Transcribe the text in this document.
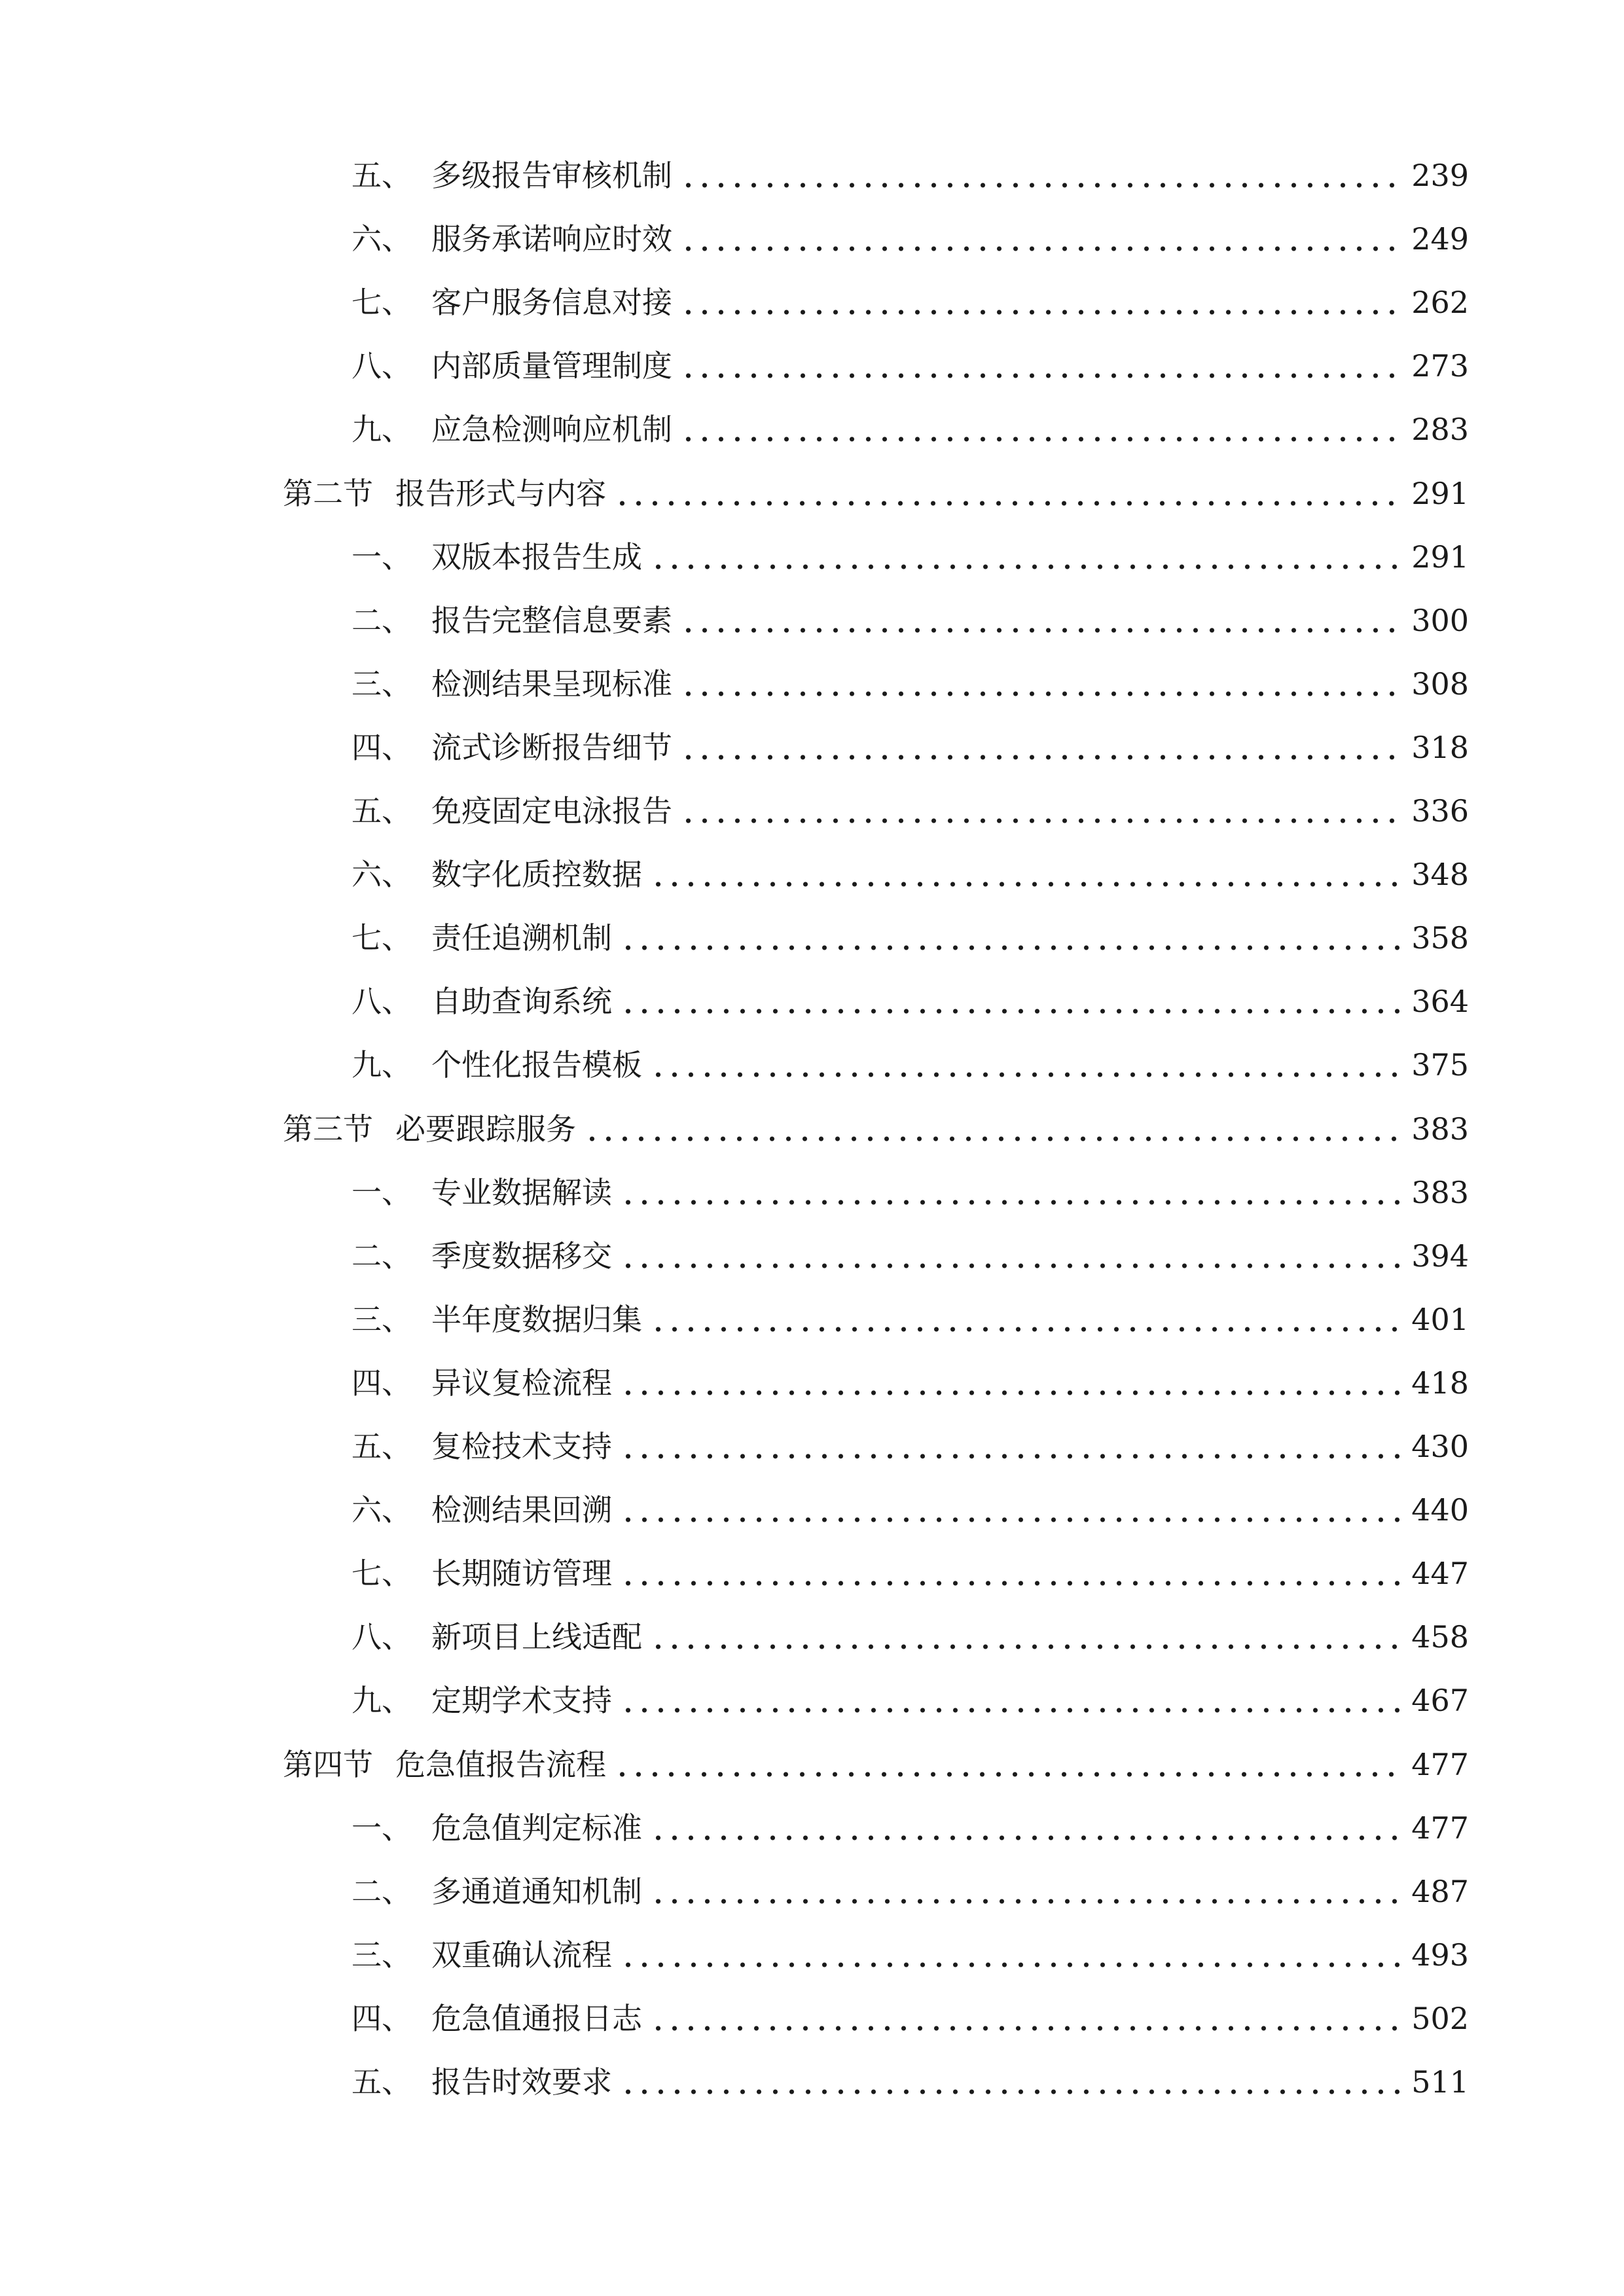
五、 多级报告审核机制	239
六、 服务承诺响应时效	249
七、 客户服务信息对接	262
八、 内部质量管理制度	273
九、 应急检测响应机制	283
第二节 报告形式与内容	291
一、 双版本报告生成	291
二、 报告完整信息要素	300
三、 检测结果呈现标准	308
四、 流式诊断报告细节	318
五、 免疫固定电泳报告	336
六、 数字化质控数据	348
七、 责任追溯机制	358
八、 自助查询系统	364
九、 个性化报告模板	375
第三节 必要跟踪服务	383
一、 专业数据解读	383
二、 季度数据移交	394
三、 半年度数据归集	401
四、 异议复检流程	418
五、 复检技术支持	430
六、 检测结果回溯	440
七、 长期随访管理	447
八、 新项目上线适配	458
九、 定期学术支持	467
第四节 危急值报告流程	477
一、 危急值判定标准	477
二、 多通道通知机制	487
三、 双重确认流程	493
四、 危急值通报日志	502
五、 报告时效要求	511
